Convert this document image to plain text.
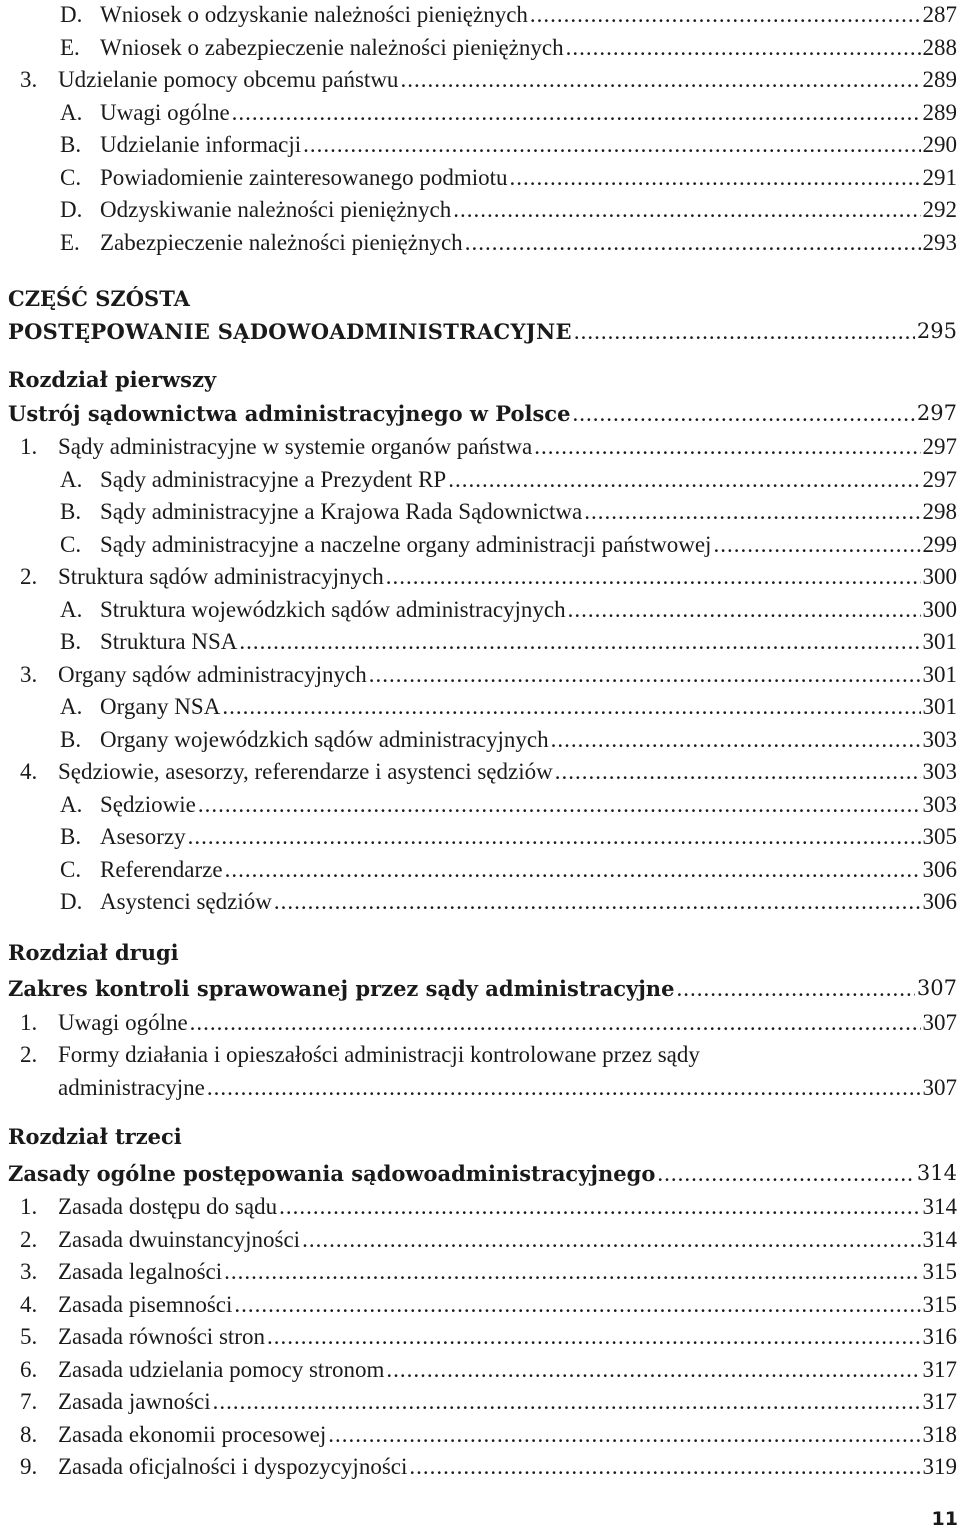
D. Wniosek o odzyskanie należności pieniężnych .....	287
E. Wniosek o zabezpieczenie należności pieniężnych .....	288
3. Udzielanie pomocy obcemu państwu .....	289
A. Uwagi ogólne .....	289
B. Udzielanie informacji .....	290
C. Powiadomienie zainteresowanego podmiotu .....	291
D. Odzyskiwanie należności pieniężnych .....	292
E. Zabezpieczenie należności pieniężnych .....	293
CZĘŚĆ SZÓSTA
POSTĘPOWANIE SĄDOWOADMINISTRACYJNE .....	295
Rozdział pierwszy
Ustrój sądownictwa administracyjnego w Polsce .....	297
1. Sądy administracyjne w systemie organów państwa .....	297
A. Sądy administracyjne a Prezydent RP .....	297
B. Sądy administracyjne a Krajowa Rada Sądownictwa .....	298
C. Sądy administracyjne a naczelne organy administracji państwowej .....	299
2. Struktura sądów administracyjnych .....	300
A. Struktura wojewódzkich sądów administracyjnych .....	300
B. Struktura NSA .....	301
3. Organy sądów administracyjnych .....	301
A. Organy NSA .....	301
B. Organy wojewódzkich sądów administracyjnych .....	303
4. Sędziowie, asesorzy, referendarze i asystenci sędziów .....	303
A. Sędziowie .....	303
B. Asesorzy .....	305
C. Referendarze .....	306
D. Asystenci sędziów .....	306
Rozdział drugi
Zakres kontroli sprawowanej przez sądy administracyjne .....	307
1. Uwagi ogólne .....	307
2. Formy działania i opieszałości administracji kontrolowane przez sądy
administracyjne .....	307
Rozdział trzeci
Zasady ogólne postępowania sądowoadministracyjnego .....	314
1. Zasada dostępu do sądu .....	314
2. Zasada dwuinstancyjności .....	314
3. Zasada legalności .....	315
4. Zasada pisemności .....	315
5. Zasada równości stron .....	316
6. Zasada udzielania pomocy stronom .....	317
7. Zasada jawności .....	317
8. Zasada ekonomii procesowej .....	318
9. Zasada oficjalności i dyspozycyjności .....	319
11
